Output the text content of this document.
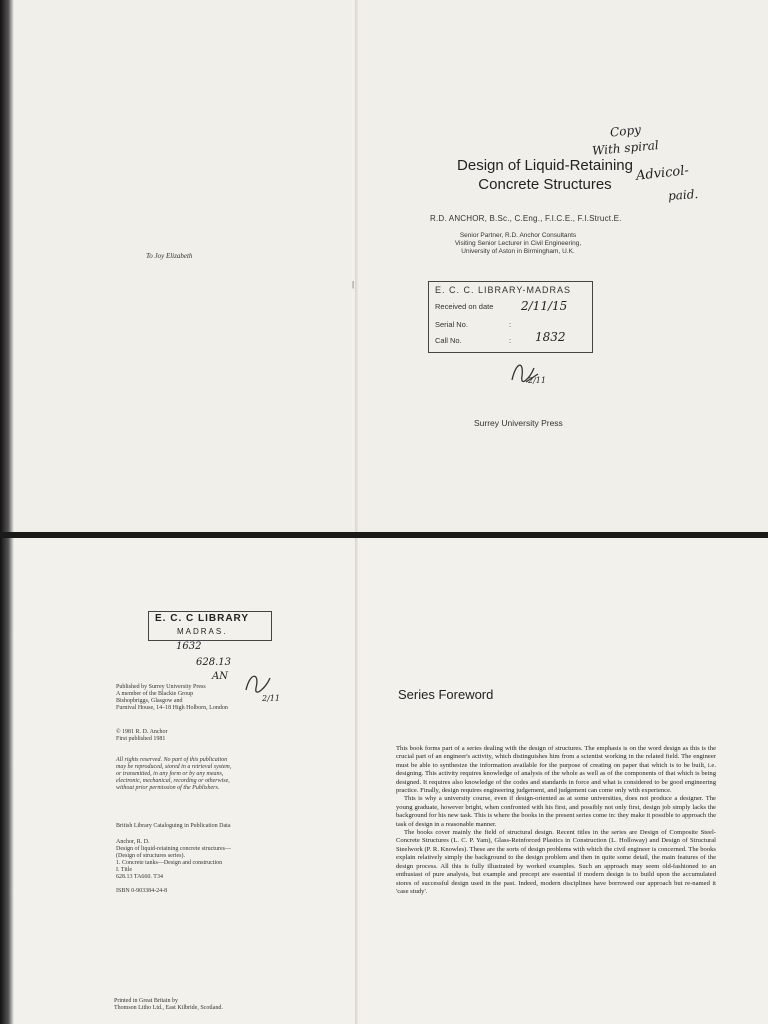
To Joy Elizabeth
Copy
With spiral
Advicol-
paid.
Design of Liquid-Retaining
Concrete Structures
R.D. ANCHOR, B.Sc., C.Eng., F.I.C.E., F.I.Struct.E.
Senior Partner, R.D. Anchor Consultants
Visiting Senior Lecturer in Civil Engineering,
University of Aston in Birmingham, U.K.
E. C. C. LIBRARY-MADRAS
Received on date 2/11/15
Serial No.	:
Call No.	: 1832
2/11
Surrey University Press
|
E. C. C LIBRARY
MADRAS.
1632
628.13
AN
2/11
Published by Surrey University Press
A member of the Blackie Group
Bishopbriggs, Glasgow and
Furnival House, 14–18 High Holborn, London
© 1981 R. D. Anchor
First published 1981
All rights reserved. No part of this publication
may be reproduced, stored in a retrieval system,
or transmitted, in any form or by any means,
electronic, mechanical, recording or otherwise,
without prior permission of the Publishers.
British Library Cataloguing in Publication Data
Anchor, R. D.
Design of liquid-retaining concrete structures—
(Design of structures series).
1. Concrete tanks—Design and construction
I. Title
628.13 TA660. T34
ISBN 0-903384-24-8
Printed in Great Britain by
Thomson Litho Ltd., East Kilbride, Scotland.
Series Foreword

This book forms part of a series dealing with the design of structures. The emphasis is on the word design as this is the crucial part of an engineer's activity, which distinguishes him from a scientist working in the related field. The engineer must be able to synthesize the information available for the purpose of creating on paper that which is to be built, i.e. designing. This activity requires knowledge of analysis of the whole as well as of the components of that which is being designed. It requires also knowledge of the codes and standards in force and what is considered to be good engineering practice. Finally, design requires engineering judgement, and judgement can come only with experience.

This is why a university course, even if design-oriented as at some universities, does not produce a designer. The young graduate, however bright, when confronted with his first, and possibly not only first, design job simply lacks the background for his new task. This is where the books in the present series come in: they make it possible to approach the task of design in a reasonable manner.

The books cover mainly the field of structural design. Recent titles in the series are Design of Composite Steel-Concrete Structures (L. C. P. Yam), Glass-Reinforced Plastics in Construction (L. Holloway) and Design of Structural Steelwork (P. R. Knowles). These are the sorts of design problems with which the civil engineer is concerned. The books explain relatively simply the background to the design problem and then in quite some detail, the main features of the design process. All this is fully illustrated by worked examples. Such an approach may seem old-fashioned to an enthusiast of pure analysis, but example and precept are essential if modern design is to build upon the accumulated stores of successful design used in the past. Indeed, modern disciplines have borrowed our approach but re-named it 'case study'.
